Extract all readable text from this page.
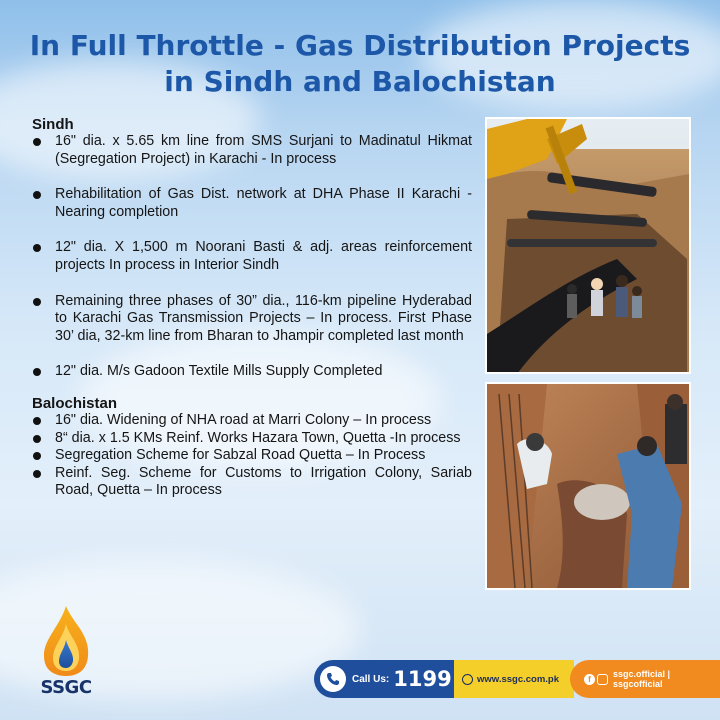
In Full Throttle - Gas Distribution Projects
in Sindh and Balochistan
Sindh
16" dia. x 5.65 km line from SMS Surjani to Madinatul Hikmat (Segregation Project) in Karachi - In process
Rehabilitation of Gas Dist. network at DHA Phase II Karachi - Nearing completion
12" dia. X 1,500 m Noorani Basti & adj. areas reinforcement projects In process in Interior Sindh
Remaining three phases of 30” dia., 116-km pipeline Hyderabad to Karachi Gas Transmission Projects – In process. First Phase 30’ dia, 32-km line from Bharan to Jhampir completed last month
12" dia. M/s Gadoon Textile Mills Supply Completed
Balochistan
16" dia. Widening of NHA road at Marri Colony – In process
8“ dia. x 1.5 KMs Reinf. Works Hazara Town, Quetta -In process
Segregation Scheme for Sabzal Road Quetta – In Process
Reinf. Seg. Scheme for Customs to Irrigation Colony, Sariab Road, Quetta – In process
SSGC	Call Us: 1199	www.ssgc.com.pk	f	ssgc.official | ssgcofficial
